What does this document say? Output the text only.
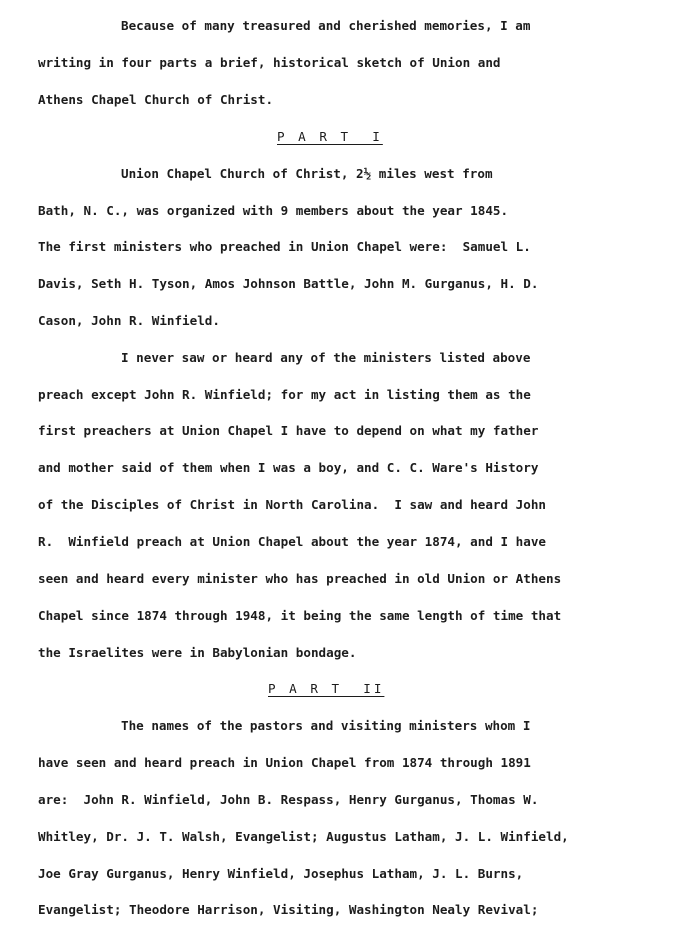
Because of many treasured and cherished memories, I am
writing in four parts a brief, historical sketch of Union and
Athens Chapel Church of Christ.
P A R T  I
Union Chapel Church of Christ, 2½ miles west from
Bath, N. C., was organized with 9 members about the year 1845.
The first ministers who preached in Union Chapel were:  Samuel L.
Davis, Seth H. Tyson, Amos Johnson Battle, John M. Gurganus, H. D.
Cason, John R. Winfield.
I never saw or heard any of the ministers listed above
preach except John R. Winfield; for my act in listing them as the
first preachers at Union Chapel I have to depend on what my father
and mother said of them when I was a boy, and C. C. Ware's History
of the Disciples of Christ in North Carolina.  I saw and heard John
R.  Winfield preach at Union Chapel about the year 1874, and I have
seen and heard every minister who has preached in old Union or Athens
Chapel since 1874 through 1948, it being the same length of time that
the Israelites were in Babylonian bondage.
P A R T  II
The names of the pastors and visiting ministers whom I
have seen and heard preach in Union Chapel from 1874 through 1891
are:  John R. Winfield, John B. Respass, Henry Gurganus, Thomas W.
Whitley, Dr. J. T. Walsh, Evangelist; Augustus Latham, J. L. Winfield,
Joe Gray Gurganus, Henry Winfield, Josephus Latham, J. L. Burns,
Evangelist; Theodore Harrison, Visiting, Washington Nealy Revival;
